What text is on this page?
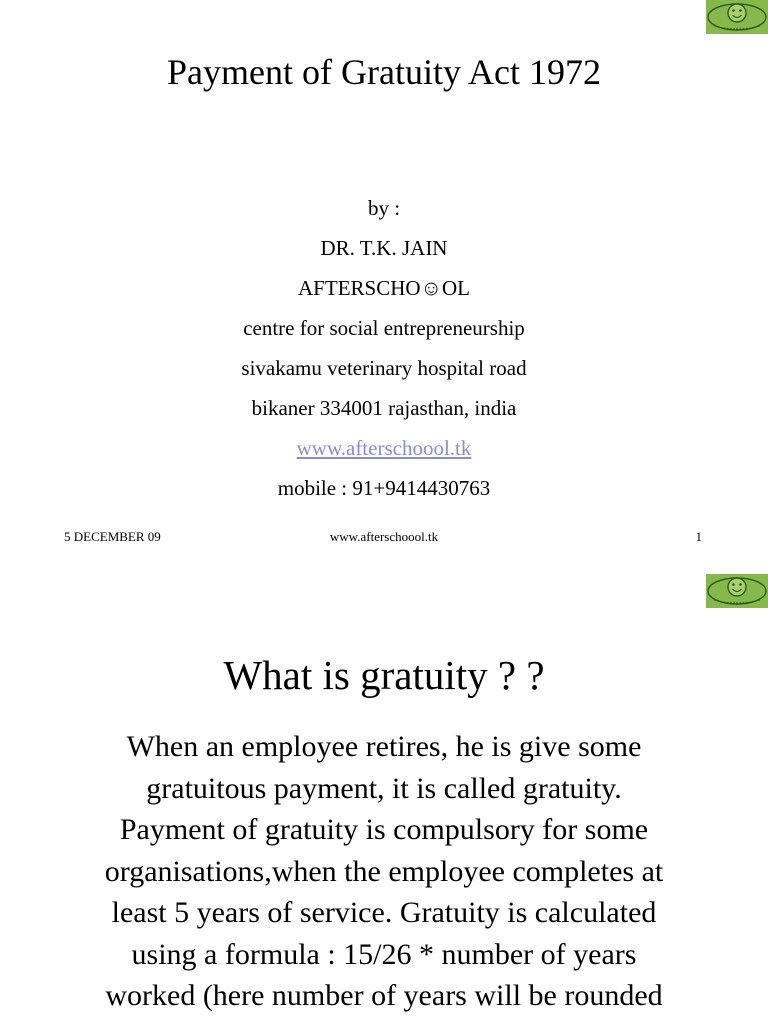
Payment of Gratuity Act 1972
by :
DR. T.K. JAIN
AFTERSCHO☺OL
centre for social entrepreneurship
sivakamu veterinary hospital road
bikaner 334001 rajasthan, india
www.afterschoool.tk
mobile : 91+9414430763
5 DECEMBER 09	www.afterschoool.tk	1
What is gratuity ? ?
When an employee retires, he is give some
gratuitous payment, it is called gratuity.
Payment of gratuity is compulsory for some
organisations,when the employee completes at
least 5 years of service. Gratuity is calculated
using a formula : 15/26 * number of years
worked (here number of years will be rounded
